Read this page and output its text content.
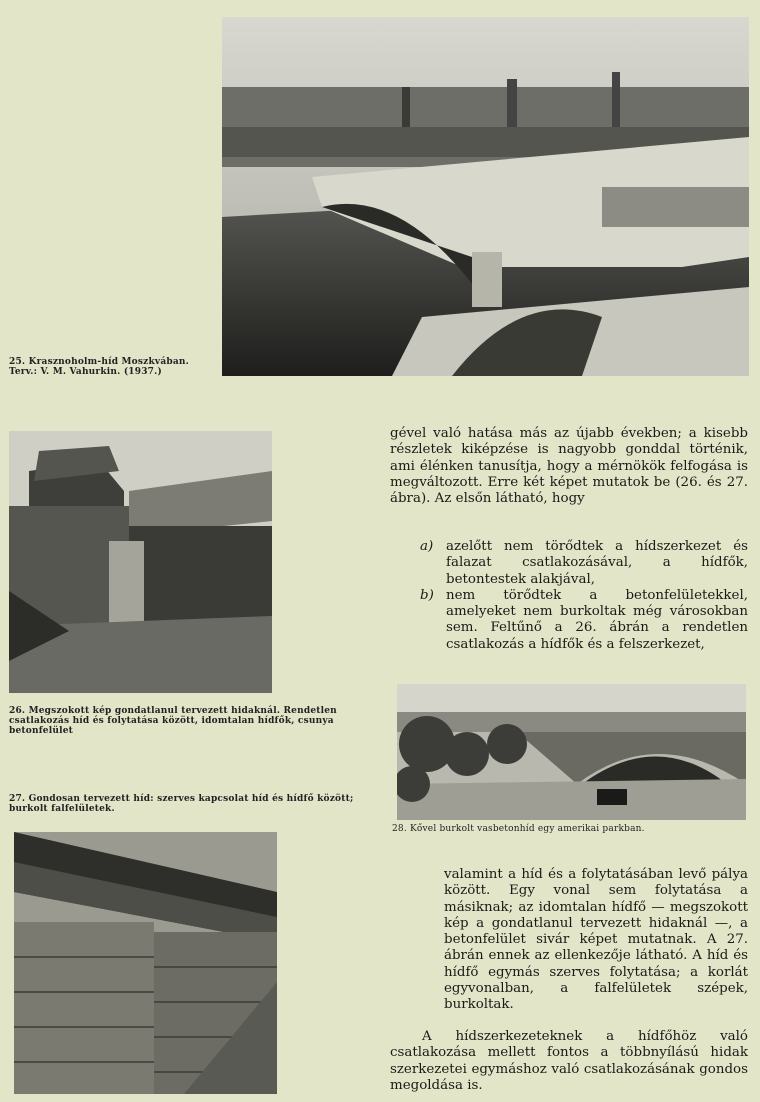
25. Krasznoholm-híd Moszkvában.
Terv.: V. M. Vahurkin. (1937.)
26. Megszokott kép gondatlanul tervezett hidaknál. Rendetlen csatlakozás híd és folytatása között, idomtalan hídfők, csunya betonfelület
27. Gondosan tervezett híd: szerves kapcsolat híd és hídfő között; burkolt falfelületek.
28. Kővel burkolt vasbetonhíd egy amerikai parkban.

gével való hatása más az újabb években; a kisebb részletek kiképzése is nagyobb gonddal történik, ami élénken tanusítja, hogy a mérnökök felfogása is megváltozott. Erre két képet mutatok be (26. és 27. ábra). Az elsőn látható, hogy

a) azelőtt nem törődtek a hídszerkezet és falazat csatlakozásával, a hídfők, betontestek alakjával,
b) nem törődtek a betonfelületekkel, amelyeket nem burkoltak még városokban sem. Feltűnő a 26. ábrán a rendetlen csatlakozás a hídfők és a felszerkezet,

valamint a híd és a folytatásában levő pálya között. Egy vonal sem folytatása a másiknak; az idomtalan hídfő — megszokott kép a gondatlanul tervezett hidaknál —, a betonfelület sivár képet mutatnak. A 27. ábrán ennek az ellenkezője látható. A híd és hídfő egymás szerves folytatása; a korlát egyvonalban, a falfelületek szépek, burkoltak.

A hídszerkezeteknek a hídfőhöz való csatlakozása mellett fontos a többnyílású hidak szerkezetei egymáshoz való csatlakozásának gondos megoldása is.
